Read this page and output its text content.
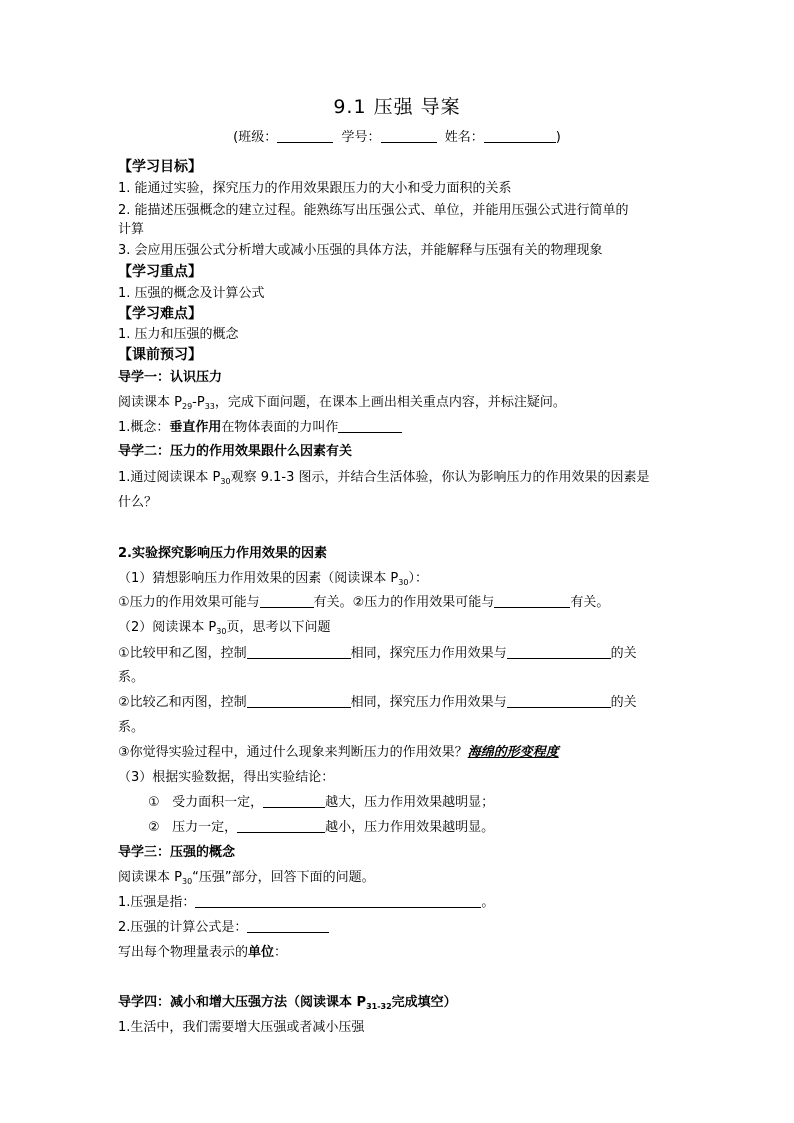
9.1 压强 导案
(班级：	学号：	姓名：	)
【学习目标】
1. 能通过实验，探究压力的作用效果跟压力的大小和受力面积的关系
2. 能描述压强概念的建立过程。能熟练写出压强公式、单位，并能用压强公式进行简单的
计算
3. 会应用压强公式分析增大或减小压强的具体方法，并能解释与压强有关的物理现象
【学习重点】
1. 压强的概念及计算公式
【学习难点】
1. 压力和压强的概念
【课前预习】
导学一：认识压力
阅读课本 $P_{29}-P_{33}$，完成下面问题，在课本上画出相关重点内容，并标注疑问。
1.概念：垂直作用在物体表面的力叫作
导学二：压力的作用效果跟什么因素有关
1.通过阅读课本 $P_{30}$观察 9.1-3 图示，并结合生活体验，你认为影响压力的作用效果的因素是
什么？
2.实验探究影响压力作用效果的因素
（1）猜想影响压力作用效果的因素（阅读课本 $P_{30}$）：
①压力的作用效果可能与	有关。②压力的作用效果可能与	有关。
（2）阅读课本 $P_{30}$页，思考以下问题
①比较甲和乙图，控制	相同，探究压力作用效果与	的关
系。
②比较乙和丙图，控制	相同，探究压力作用效果与	的关
系。
③你觉得实验过程中，通过什么现象来判断压力的作用效果？海绵的形变程度
（3）根据实验数据，得出实验结论：
① 受力面积一定，	越大，压力作用效果越明显；
② 压力一定，	越小，压力作用效果越明显。
导学三：压强的概念
阅读课本 $P_{30}“$压强”部分，回答下面的问题。
1.压强是指：	。
2.压强的计算公式是：
写出每个物理量表示的单位：
导学四：减小和增大压强方法（阅读课本 $P_{31-32}$完成填空）
1.生活中，我们需要增大压强或者减小压强
